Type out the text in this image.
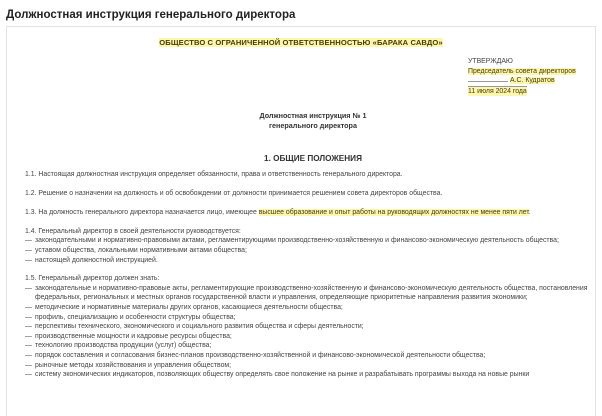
Должностная инструкция генерального директора
ОБЩЕСТВО С ОГРАНИЧЕННОЙ ОТВЕТСТВЕННОСТЬЮ «БАРАКА САВДО»
УТВЕРЖДАЮ
Председатель совета директоров
А.С. Кудратов
11 июля 2024 года
Должностная инструкция № 1
генерального директора
1. ОБЩИЕ ПОЛОЖЕНИЯ
1.1. Настоящая должностная инструкция определяет обязанности, права и ответственность генерального директора.
1.2. Решение о назначении на должность и об освобождении от должности принимается решением совета директоров общества.
1.3. На должность генерального директора назначается лицо, имеющее высшее образование и опыт работы на руководящих должностях не менее пяти лет.
1.4. Генеральный директор в своей деятельности руководствуется:
— законодательными и нормативно-правовыми актами, регламентирующими производственно-хозяйственную и финансово-экономическую деятельность общества;
— уставом общества, локальными нормативными актами общества;
— настоящей должностной инструкцией.
1.5. Генеральный директор должен знать:
— законодательные и нормативно-правовые акты, регламентирующие производственно-хозяйственную и финансово-экономическую деятельность общества, постановления федеральных, региональных и местных органов государственной власти и управления, определяющие приоритетные направления развития экономики;
— методические и нормативные материалы других органов, касающиеся деятельности общества;
— профиль, специализацию и особенности структуры общества;
— перспективы технического, экономического и социального развития общества и сферы деятельности;
— производственные мощности и кадровые ресурсы общества;
— технологию производства продукции (услуг) общества;
— порядок составления и согласования бизнес-планов производственно-хозяйственной и финансово-экономической деятельности общества;
— рыночные методы хозяйствования и управления обществом;
— систему экономических индикаторов, позволяющих обществу определять свое положение на рынке и разрабатывать программы выхода на новые рынки
